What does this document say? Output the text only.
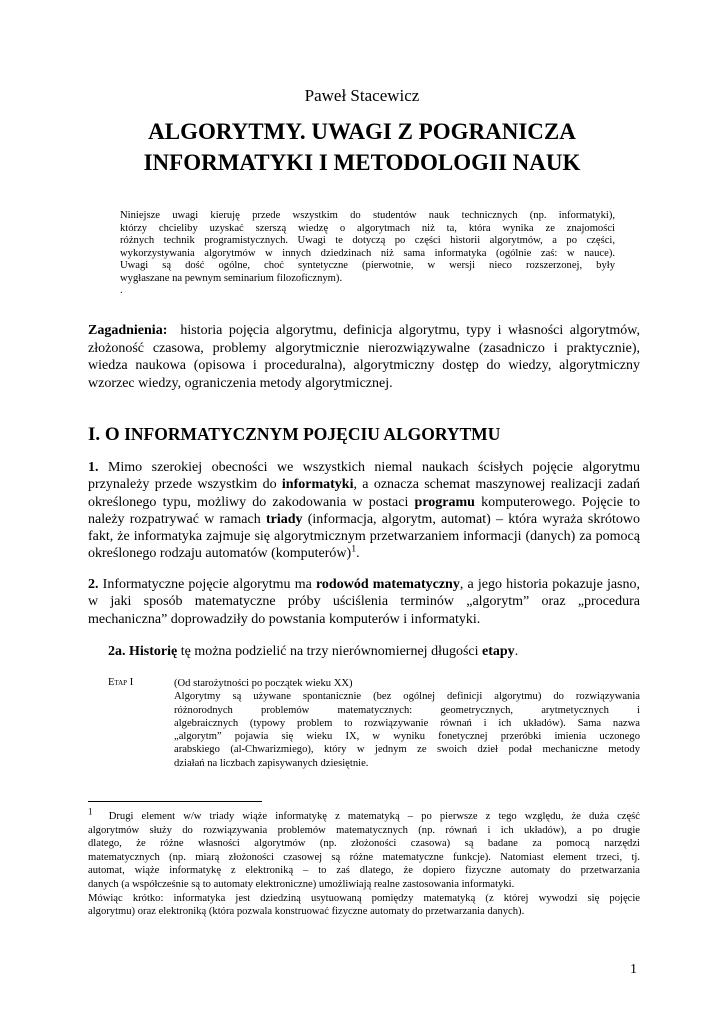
Paweł Stacewicz
ALGORYTMY. UWAGI Z POGRANICZA
INFORMATYKI I METODOLOGII NAUK
Niniejsze uwagi kieruję przede wszystkim do studentów nauk technicznych (np. informatyki),
którzy chcieliby uzyskać szerszą wiedzę o algorytmach niż ta, która wynika ze znajomości
różnych technik programistycznych. Uwagi te dotyczą po części historii algorytmów, a po części,
wykorzystywania algorytmów w innych dziedzinach niż sama informatyka (ogólnie zaś: w nauce).
Uwagi są dość ogólne, choć syntetyczne (pierwotnie, w wersji nieco rozszerzonej, były
wygłaszane na pewnym seminarium filozoficznym).
.
Zagadnienia: historia pojęcia algorytmu, definicja algorytmu, typy i własności algorytmów, złożoność czasowa, problemy algorytmicznie nierozwiązywalne (zasadniczo i praktycznie), wiedza naukowa (opisowa i proceduralna), algorytmiczny dostęp do wiedzy, algorytmiczny wzorzec wiedzy, ograniczenia metody algorytmicznej.
I. O INFORMATYCZNYM POJĘCIU ALGORYTMU
1. Mimo szerokiej obecności we wszystkich niemal naukach ścisłych pojęcie algorytmu przynależy przede wszystkim do informatyki, a oznacza schemat maszynowej realizacji zadań określonego typu, możliwy do zakodowania w postaci programu komputerowego. Pojęcie to należy rozpatrywać w ramach triady (informacja, algorytm, automat) – która wyraża skrótowo fakt, że informatyka zajmuje się algorytmicznym przetwarzaniem informacji (danych) za pomocą określonego rodzaju automatów (komputerów)$^1$.
2. Informatyczne pojęcie algorytmu ma rodowód matematyczny, a jego historia pokazuje jasno, w jaki sposób matematyczne próby uściślenia terminów „algorytm” oraz „procedura mechaniczna” doprowadziły do powstania komputerów i informatyki.
2a. Historię tę można podzielić na trzy nierównomiernej długości etapy.
Etap I	(Od starożytności po początek wieku XX)
Algorytmy są używane spontanicznie (bez ogólnej definicji algorytmu) do rozwiązywania
różnorodnych problemów matematycznych: geometrycznych, arytmetycznych i
algebraicznych (typowy problem to rozwiązywanie równań i ich układów). Sama nazwa
„algorytm” pojawia się wieku IX, w wyniku fonetycznej przeróbki imienia uczonego
arabskiego (al-Chwarizmiego), który w jednym ze swoich dzieł podał mechaniczne metody
działań na liczbach zapisywanych dziesiętnie.
$^1$ Drugi element w/w triady wiąże informatykę z matematyką – po pierwsze z tego względu, że duża część
algorytmów służy do rozwiązywania problemów matematycznych (np. równań i ich układów), a po drugie
dlatego, że różne własności algorytmów (np. złożoności czasowa) są badane za pomocą narzędzi
matematycznych (np. miarą złożoności czasowej są różne matematyczne funkcje). Natomiast element trzeci, tj.
automat, wiąże informatykę z elektroniką – to zaś dlatego, że dopiero fizyczne automaty do przetwarzania
danych (a współcześnie są to automaty elektroniczne) umożliwiają realne zastosowania informatyki.
Mówiąc krótko: informatyka jest dziedziną usytuowaną pomiędzy matematyką (z której wywodzi się pojęcie
algorytmu) oraz elektroniką (która pozwala konstruować fizyczne automaty do przetwarzania danych).
1
